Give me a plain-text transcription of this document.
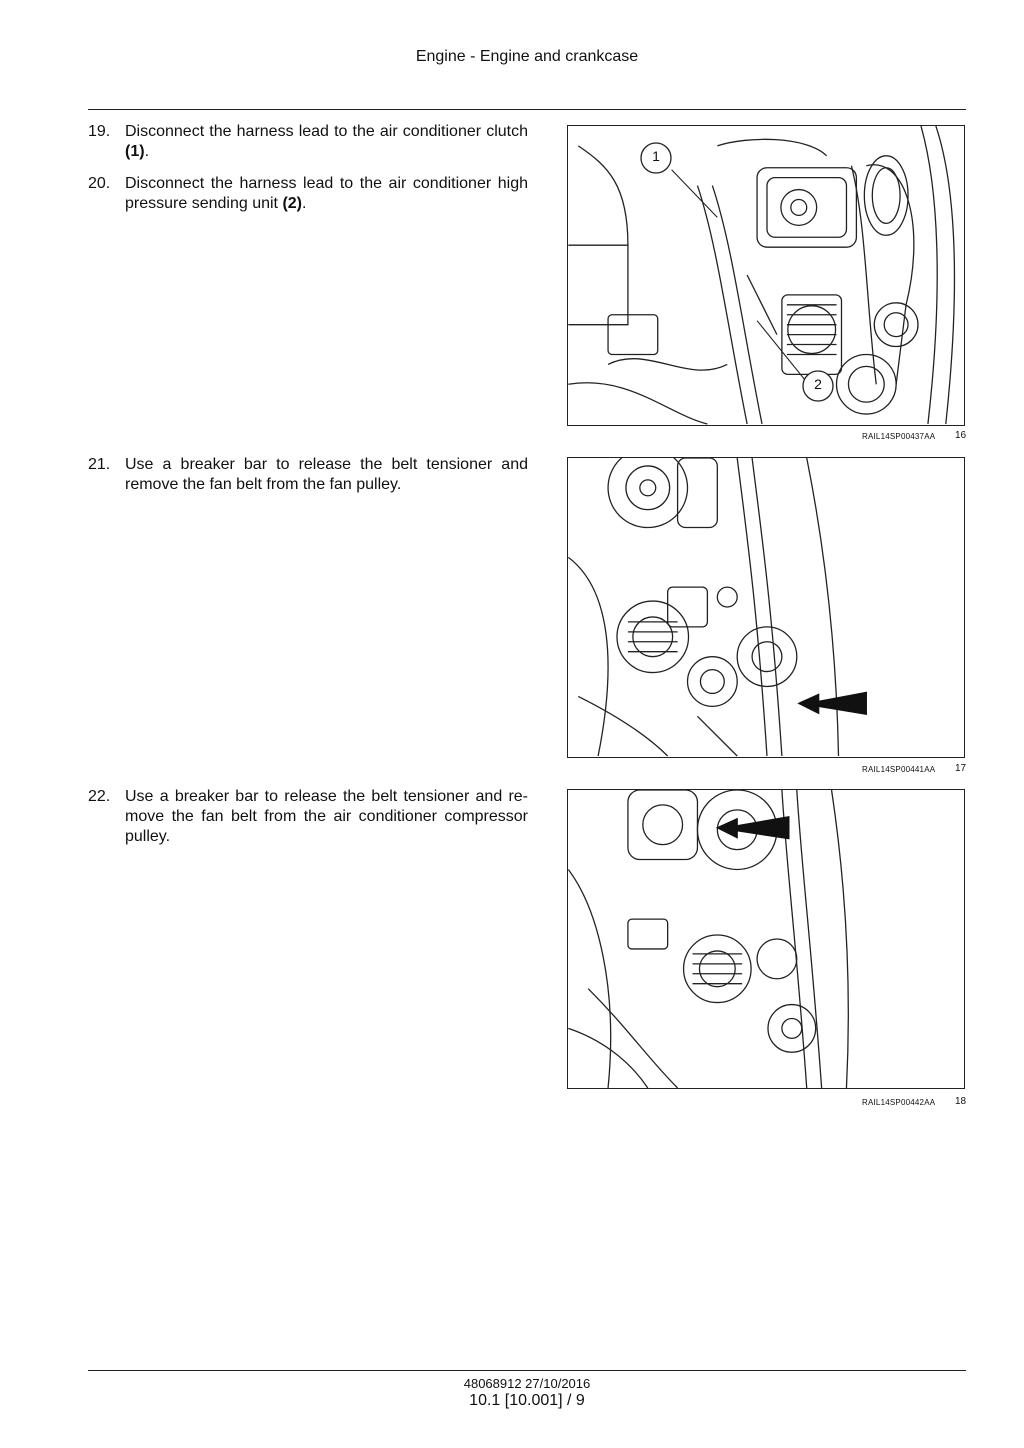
Engine - Engine and crankcase
19. Disconnect the harness lead to the air conditioner clutch (1).
20. Disconnect the harness lead to the air conditioner high pressure sending unit (2).
21. Use a breaker bar to release the belt tensioner and remove the fan belt from the fan pulley.
22. Use a breaker bar to release the belt tensioner and re-move the fan belt from the air conditioner compressor pulley.
1
2
RAIL14SP00437AA 16
RAIL14SP00441AA 17
RAIL14SP00442AA 18
48068912 27/10/2016
10.1 [10.001] / 9
